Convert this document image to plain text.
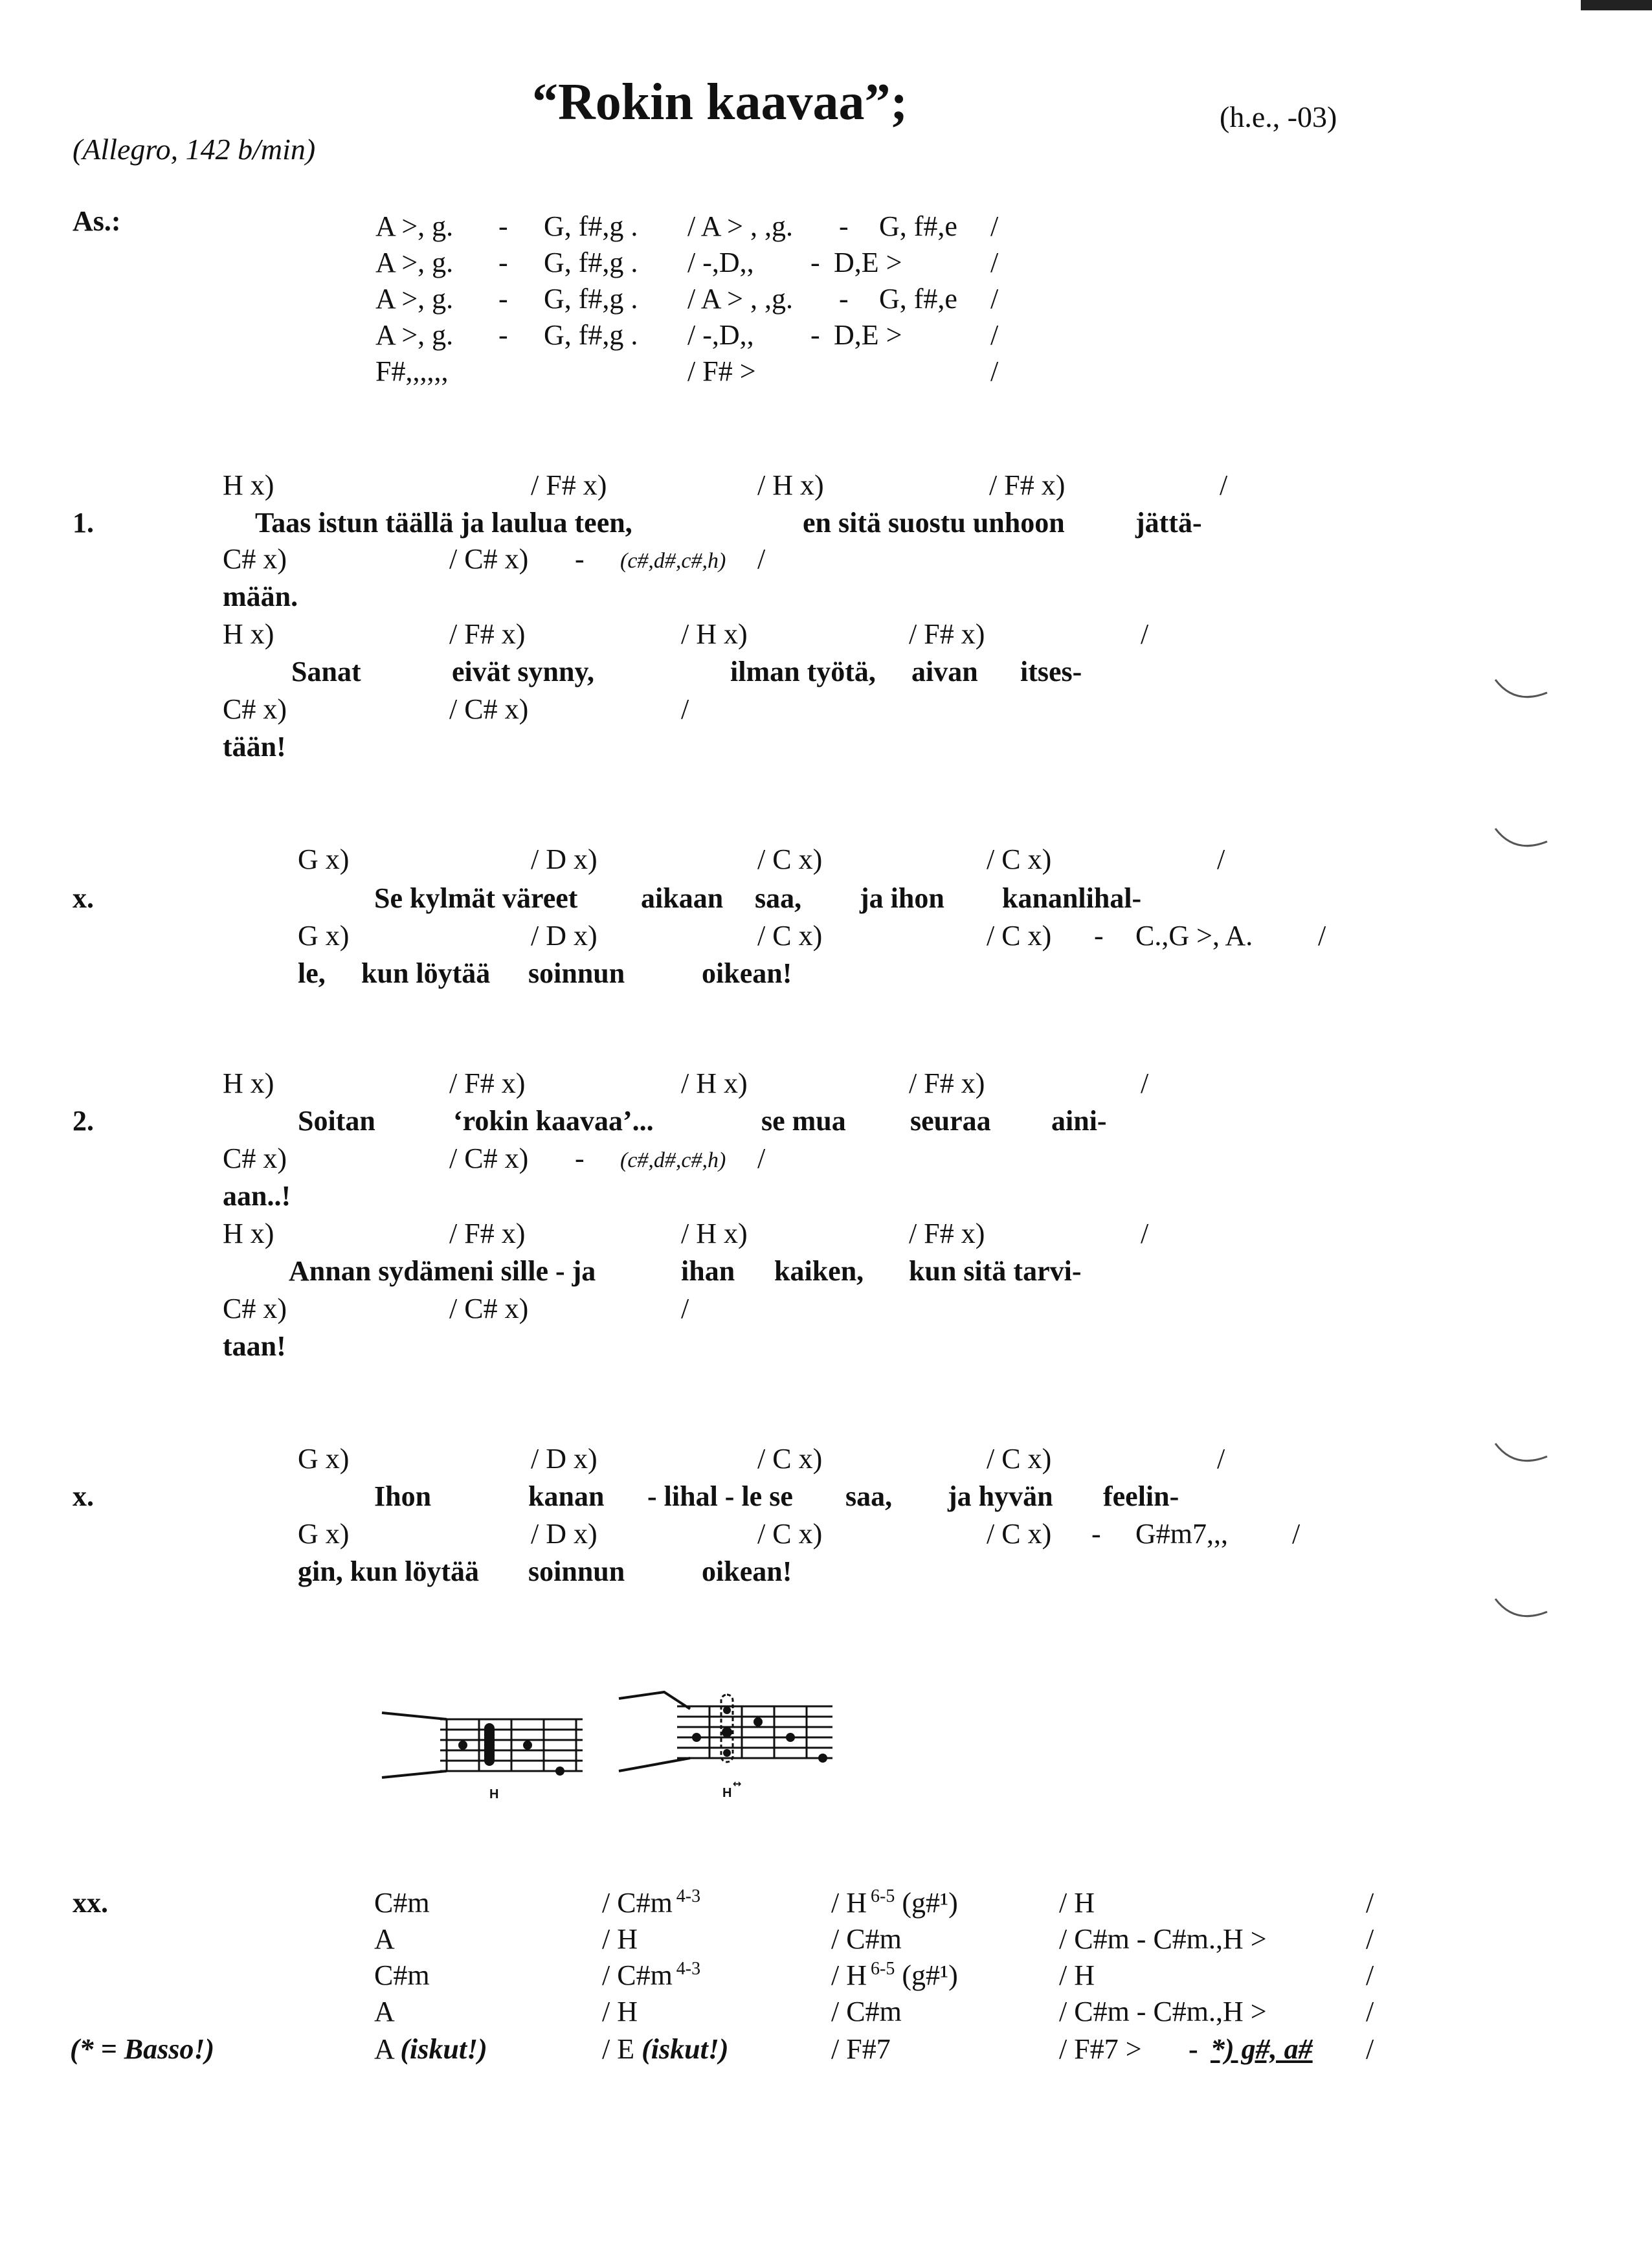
“Rokin kaavaa”;	(h.e., -03)
(Allegro, 142 b/min)
As.:	A >, g. - G, f#,g . / A > , ,g. - G, f#,e /
A >, g. - G, f#,g . / -,D,, - D,E >	/
A >, g. - G, f#,g . / A > , ,g. - G, f#,e /
A >, g. - G, f#,g . / -,D,, - D,E >	/
F#,,,,,,	/ F# >	/
1.
H x)	/ F# x)	/ H x)	/ F# x)	/
Taas istun täällä ja laulua teen,	en sitä suostu unhoon jättä-
C# x)	/ C# x) - (c#,d#,c#,h) /
mään.
H x)	/ F# x)	/ H x)	/ F# x)	/
Sanat	eivät synny,	ilman työtä, aivan itses-
C# x)	/ C# x)	/
tään!
x.
G x)	/ D x)	/ C x)	/ C x)	/
Se kylmät väreet aikaan saa, ja ihon kananlihal-
G x)	/ D x)	/ C x)	/ C x) - C.,G >, A. /
le, kun löytää soinnun	oikean!
2.
H x)	/ F# x)	/ H x)	/ F# x)	/
Soitan	‘rokin kaavaa’...	se mua seuraa aini-
C# x)	/ C# x) - (c#,d#,c#,h) /
aan..!
H x)	/ F# x)	/ H x)	/ F# x)	/
Annan sydämeni sille - ja	ihan kaiken, kun sitä tarvi-
C# x)	/ C# x)	/
taan!
x.
G x)	/ D x)	/ C x)	/ C x)	/
Ihon	kanan - lihal - le se saa, ja hyvän feelin-
G x)	/ D x)	/ C x)	/ C x) - G#m7,,, /
gin, kun löytää soinnun	oikean!
H	H
↔
xx.	C#m	/ C#m $^{4-3}$	/ H $^{6-5}$ (g#¹)	/ H	/
A	/ H	/ C#m	/ C#m - C#m.,H >	/
C#m	/ C#m $^{4-3}$	/ H $^{6-5}$ (g#¹)	/ H	/
A	/ H	/ C#m	/ C#m - C#m.,H >	/
(* = Basso!)	A (iskut!)	/ E (iskut!)	/ F#7	/ F#7 > - *) g#, a# /
